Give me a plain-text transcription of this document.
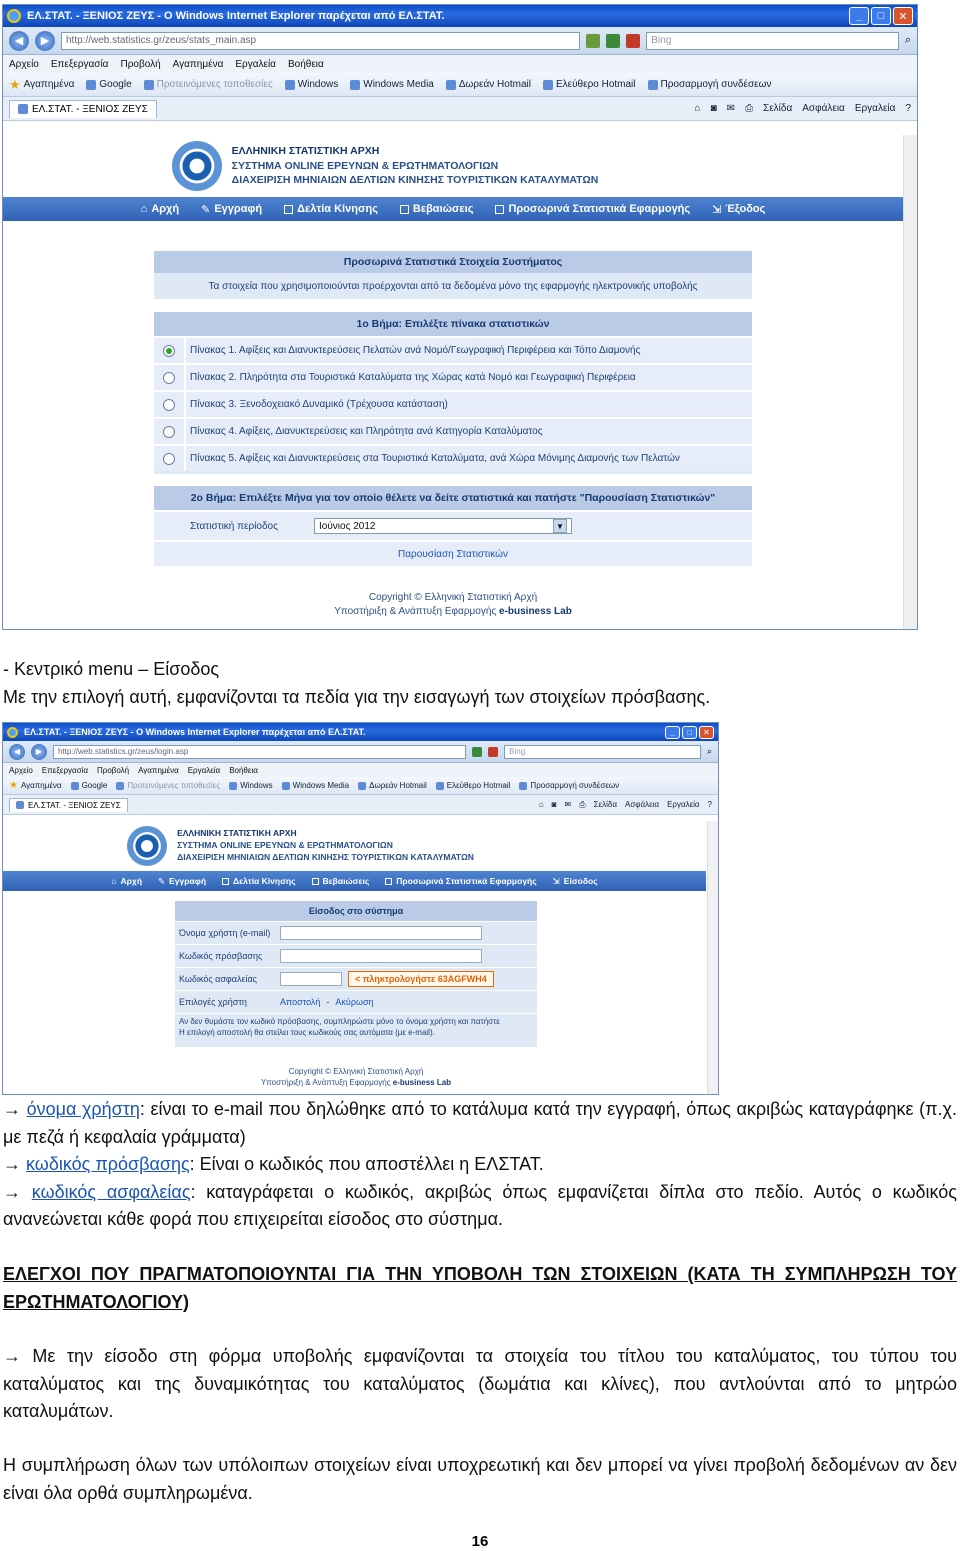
ΕΛ.ΣΤΑΤ. - ΞΕΝΙΟΣ ΖΕΥΣ - Ο Windows Internet Explorer παρέχεται από ΕΛ.ΣΤΑΤ.	_	□	✕
◀	▶	http://web.statistics.gr/zeus/stats_main.asp	Bing	⌕
Αρχείο Επεξεργασία Προβολή Αγαπημένα Εργαλεία Βοήθεια
★ Αγαπημένα	Google	Προτεινόμενες τοποθεσίες	Windows	Windows Media	Δωρεάν Hotmail	Ελεύθερο Hotmail	Προσαρμογή συνδέσεων
ΕΛ.ΣΤΑΤ. - ΞΕΝΙΟΣ ΖΕΥΣ	⌂ ◙ ✉ ⎙ Σελίδα Ασφάλεια Εργαλεία ?
ΕΛΛΗΝΙΚΗ ΣΤΑΤΙΣΤΙΚΗ ΑΡΧΗ
ΣΥΣΤΗΜΑ ONLINE ΕΡΕΥΝΩΝ & ΕΡΩΤΗΜΑΤΟΛΟΓΙΩΝ
ΔΙΑΧΕΙΡΙΣΗ ΜΗΝΙΑΙΩΝ ΔΕΛΤΙΩΝ ΚΙΝΗΣΗΣ ΤΟΥΡΙΣΤΙΚΩΝ ΚΑΤΑΛΥΜΑΤΩΝ
⌂ Αρχή ✎ Εγγραφή	Δελτία Κίνησης	Βεβαιώσεις	Προσωρινά Στατιστικά Εφαρμογής ⇲ Έξοδος
Προσωρινά Στατιστικά Στοιχεία Συστήματος
Τα στοιχεία που χρησιμοποιούνται προέρχονται από τα δεδομένα μόνο της εφαρμογής ηλεκτρονικής υποβολής
1ο Βήμα: Επιλέξτε πίνακα στατιστικών
Πίνακας 1. Αφίξεις και Διανυκτερεύσεις Πελατών ανά Νομό/Γεωγραφική Περιφέρεια και Τόπο Διαμονής
Πίνακας 2. Πληρότητα στα Τουριστικά Καταλύματα της Χώρας κατά Νομό και Γεωγραφική Περιφέρεια
Πίνακας 3. Ξενοδοχειακό Δυναμικό (Τρέχουσα κατάσταση)
Πίνακας 4. Αφίξεις, Διανυκτερεύσεις και Πληρότητα ανά Κατηγορία Καταλύματος
Πίνακας 5. Αφίξεις και Διανυκτερεύσεις στα Τουριστικά Καταλύματα, ανά Χώρα Μόνιμης Διαμονής των Πελατών
2ο Βήμα: Επιλέξτε Μήνα για τον οποίο θέλετε να δείτε στατιστικά και πατήστε "Παρουσίαση Στατιστικών"
Στατιστική περίοδος	Ιούνιος 2012	▼
Παρουσίαση Στατιστικών
Copyright © Ελληνική Στατιστική Αρχή
Υποστήριξη & Ανάπτυξη Εφαρμογής e-business Lab
- Κεντρικό menu – Είσοδος
Με την επιλογή αυτή, εμφανίζονται τα πεδία για την εισαγωγή των στοιχείων πρόσβασης.
ΕΛ.ΣΤΑΤ. - ΞΕΝΙΟΣ ΖΕΥΣ - Ο Windows Internet Explorer παρέχεται από ΕΛ.ΣΤΑΤ.	_	□	✕
◀	▶	http://web.statistics.gr/zeus/login.asp	Bing	⌕
Αρχείο Επεξεργασία Προβολή Αγαπημένα Εργαλεία Βοήθεια
★ Αγαπημένα	Google	Προτεινόμενες τοποθεσίες	Windows	Windows Media	Δωρεάν Hotmail	Ελεύθερο Hotmail	Προσαρμογή συνδέσεων
ΕΛ.ΣΤΑΤ. - ΞΕΝΙΟΣ ΖΕΥΣ	⌂ ◙ ✉ ⎙ Σελίδα Ασφάλεια Εργαλεία ?
ΕΛΛΗΝΙΚΗ ΣΤΑΤΙΣΤΙΚΗ ΑΡΧΗ
ΣΥΣΤΗΜΑ ONLINE ΕΡΕΥΝΩΝ & ΕΡΩΤΗΜΑΤΟΛΟΓΙΩΝ
ΔΙΑΧΕΙΡΙΣΗ ΜΗΝΙΑΙΩΝ ΔΕΛΤΙΩΝ ΚΙΝΗΣΗΣ ΤΟΥΡΙΣΤΙΚΩΝ ΚΑΤΑΛΥΜΑΤΩΝ
⌂ Αρχή ✎ Εγγραφή	Δελτία Κίνησης	Βεβαιώσεις	Προσωρινά Στατιστικά Εφαρμογής ⇲ Είσοδος
Είσοδος στο σύστημα
Όνομα χρήστη (e-mail)
Κωδικός πρόσβασης
Κωδικός ασφαλείας	< πληκτρολογήστε 63AGFWH4
Επιλογές χρήστη	Αποστολή - Ακύρωση
Αν δεν θυμάστε τον κωδικό πρόσβασης, συμπληρώστε μόνο το όνομα χρήστη και πατήστε
Η επιλογή αποστολή θα στείλει τους κωδικούς σας αυτόματα (με e-mail).
Copyright © Ελληνική Στατιστική Αρχή
Υποστήριξη & Ανάπτυξη Εφαρμογής e-business Lab
→ όνομα χρήστη: είναι το e-mail που δηλώθηκε από το κατάλυμα κατά την εγγραφή, όπως ακριβώς καταγράφηκε (π.χ. με πεζά ή κεφαλαία γράμματα)
→ κωδικός πρόσβασης: Είναι ο κωδικός που αποστέλλει η ΕΛΣΤΑΤ.
→ κωδικός ασφαλείας: καταγράφεται ο κωδικός, ακριβώς όπως εμφανίζεται δίπλα στο πεδίο. Αυτός ο κωδικός ανανεώνεται κάθε φορά που επιχειρείται είσοδος στο σύστημα.
ΕΛΕΓΧΟΙ ΠΟΥ ΠΡΑΓΜΑΤΟΠΟΙΟΥΝΤΑΙ ΓΙΑ ΤΗΝ ΥΠΟΒΟΛΗ ΤΩΝ ΣΤΟΙΧΕΙΩΝ (ΚΑΤΑ ΤΗ ΣΥΜΠΛΗΡΩΣΗ ΤΟΥ ΕΡΩΤΗΜΑΤΟΛΟΓΙΟΥ)
→ Με την είσοδο στη φόρμα υποβολής εμφανίζονται τα στοιχεία του τίτλου του καταλύματος, του τύπου του καταλύματος και της δυναμικότητας του καταλύματος (δωμάτια και κλίνες), που αντλούνται από το μητρώο καταλυμάτων.
Η συμπλήρωση όλων των υπόλοιπων στοιχείων είναι υποχρεωτική και δεν μπορεί να γίνει προβολή δεδομένων αν δεν είναι όλα ορθά συμπληρωμένα.
16
